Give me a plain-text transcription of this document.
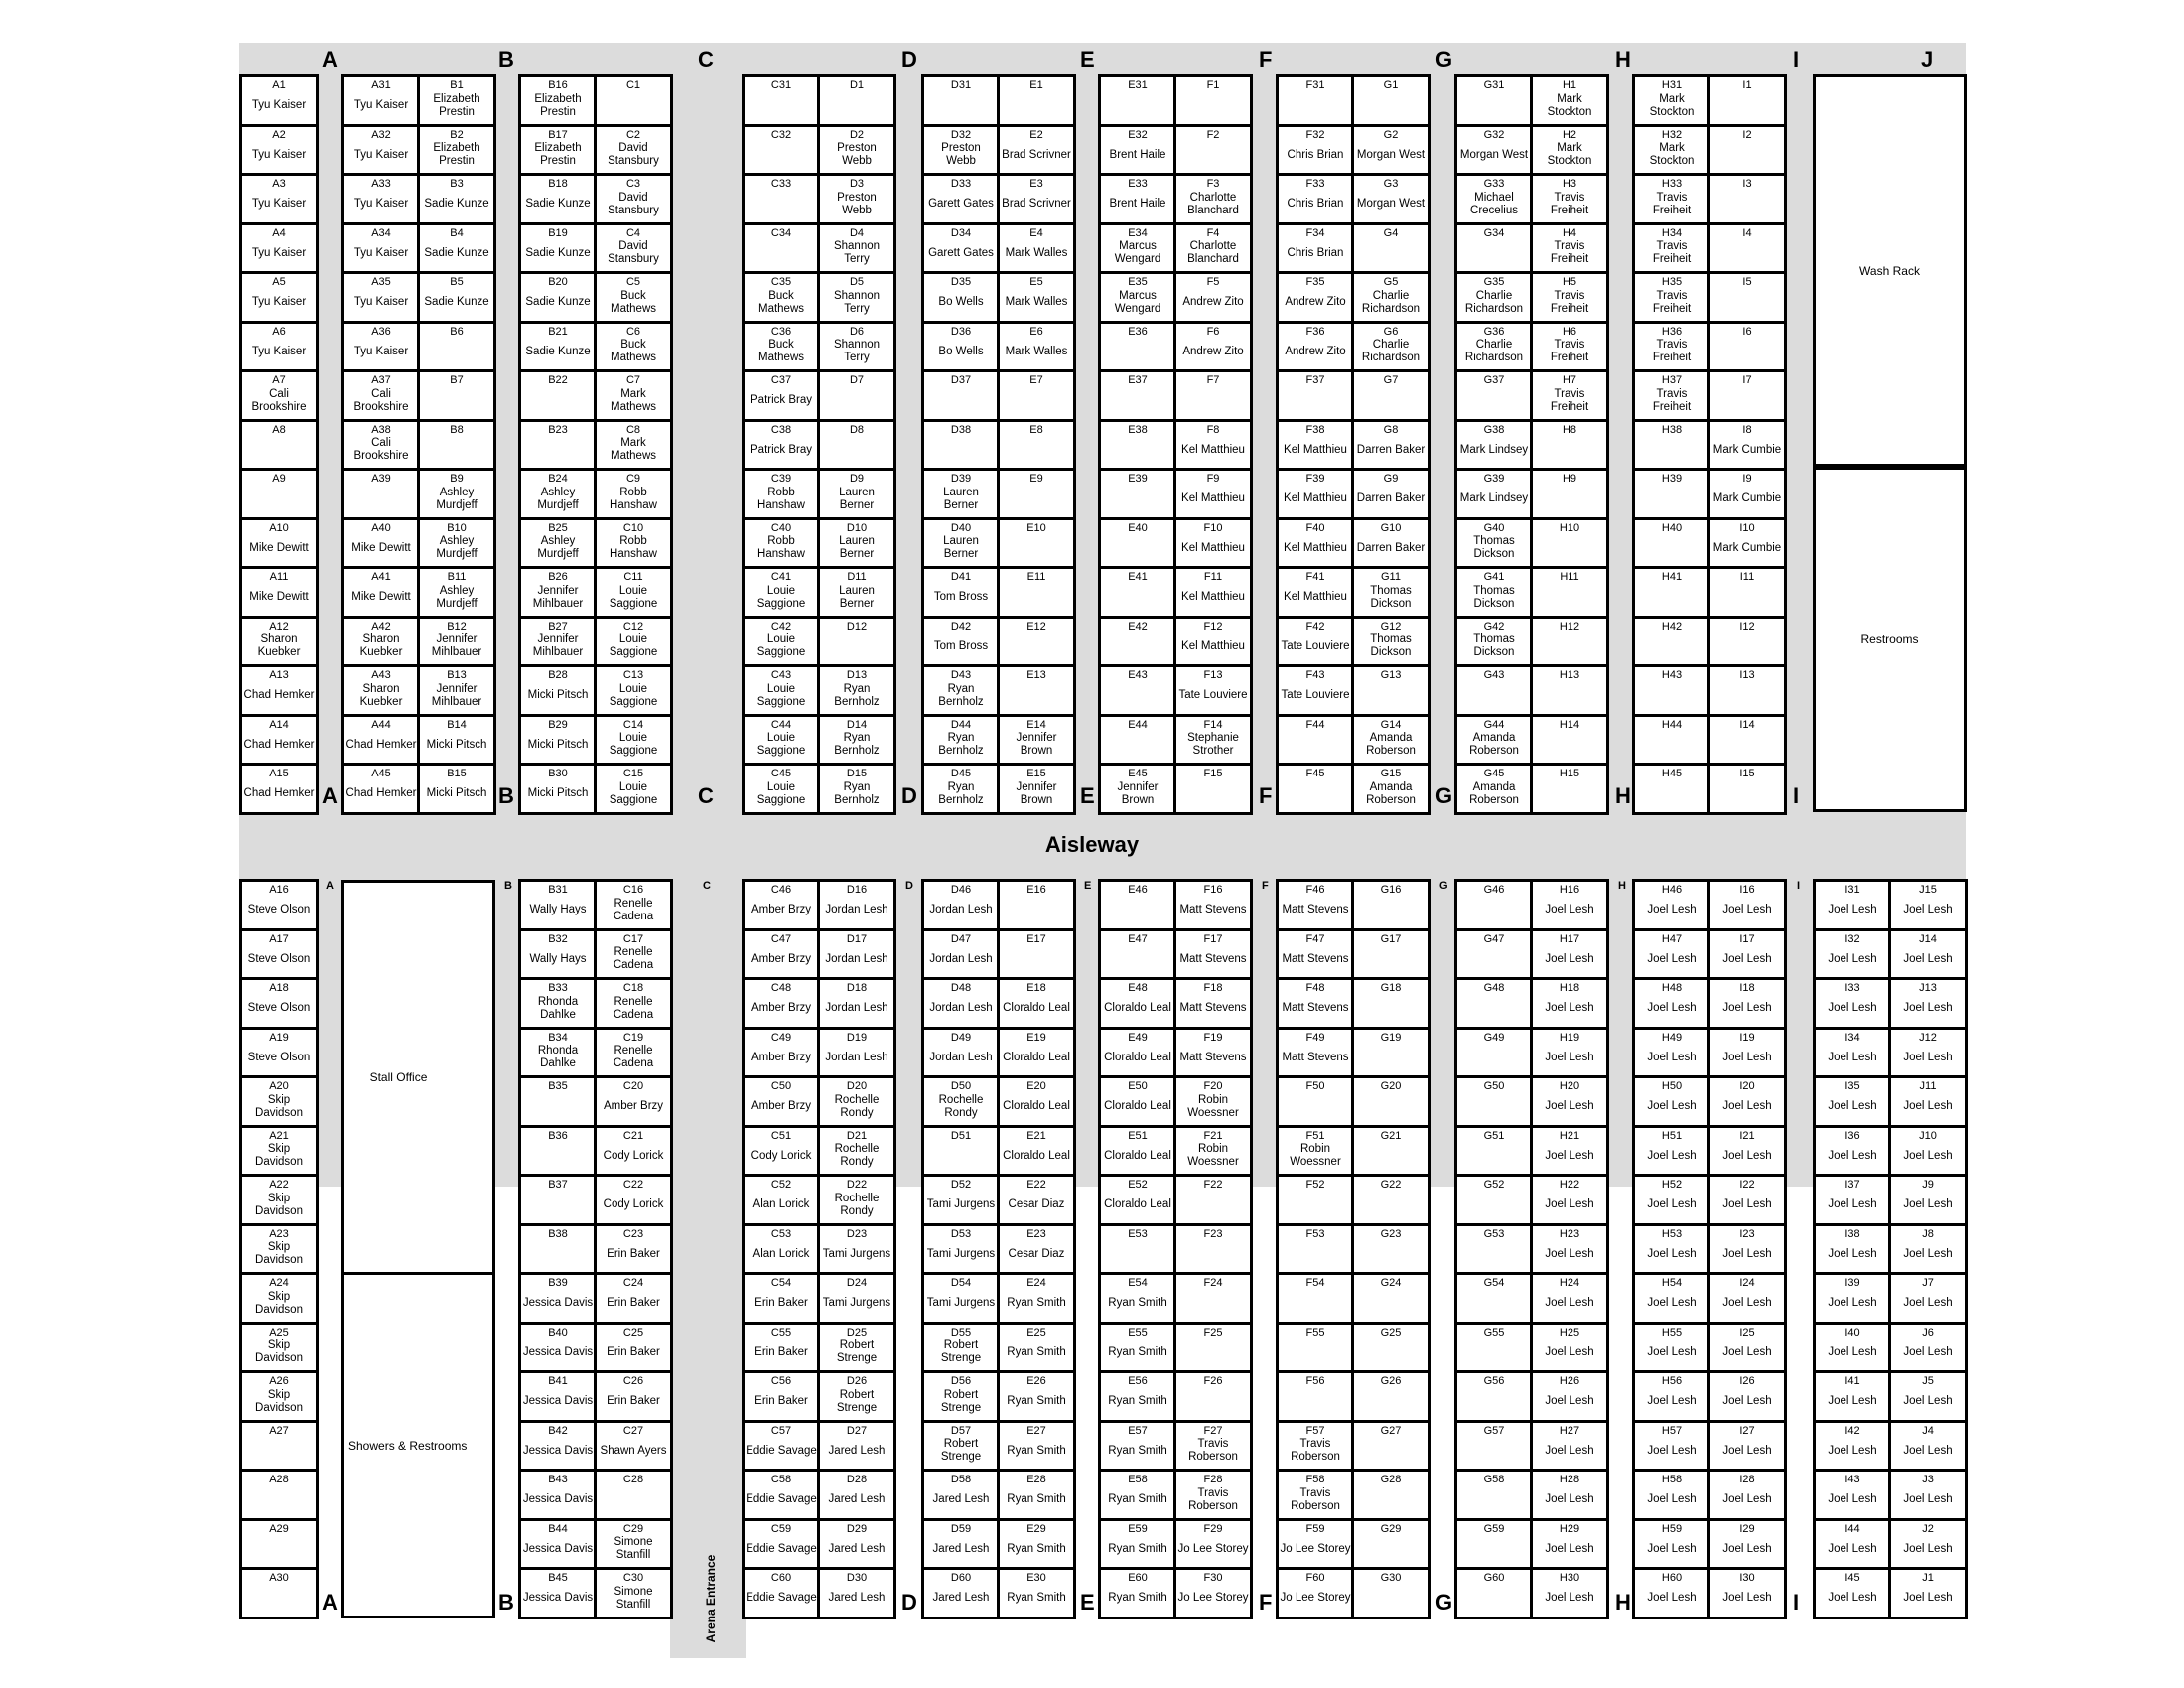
Aisleway
Arena Entrance
Wash Rack
Restrooms
Stall Office
Showers & Restrooms
A1
Tyu Kaiser
A2
Tyu Kaiser
A3
Tyu Kaiser
A4
Tyu Kaiser
A5
Tyu Kaiser
A6
Tyu Kaiser
A7
Cali Brookshire
A8
A9
A10
Mike Dewitt
A11
Mike Dewitt
A12
Sharon Kuebker
A13
Chad Hemker
A14
Chad Hemker
A15
Chad Hemker
A31
Tyu Kaiser
A32
Tyu Kaiser
A33
Tyu Kaiser
A34
Tyu Kaiser
A35
Tyu Kaiser
A36
Tyu Kaiser
A37
Cali Brookshire
A38
Cali Brookshire
A39
A40
Mike Dewitt
A41
Mike Dewitt
A42
Sharon Kuebker
A43
Sharon Kuebker
A44
Chad Hemker
A45
Chad Hemker
B1
Elizabeth Prestin
B2
Elizabeth Prestin
B3
Sadie Kunze
B4
Sadie Kunze
B5
Sadie Kunze
B6
B7
B8
B9
Ashley Murdjeff
B10
Ashley Murdjeff
B11
Ashley Murdjeff
B12
Jennifer Mihlbauer
B13
Jennifer Mihlbauer
B14
Micki Pitsch
B15
Micki Pitsch
B16
Elizabeth Prestin
B17
Elizabeth Prestin
B18
Sadie Kunze
B19
Sadie Kunze
B20
Sadie Kunze
B21
Sadie Kunze
B22
B23
B24
Ashley Murdjeff
B25
Ashley Murdjeff
B26
Jennifer Mihlbauer
B27
Jennifer Mihlbauer
B28
Micki Pitsch
B29
Micki Pitsch
B30
Micki Pitsch
C1
C2
David Stansbury
C3
David Stansbury
C4
David Stansbury
C5
Buck Mathews
C6
Buck Mathews
C7
Mark Mathews
C8
Mark Mathews
C9
Robb Hanshaw
C10
Robb Hanshaw
C11
Louie Saggione
C12
Louie Saggione
C13
Louie Saggione
C14
Louie Saggione
C15
Louie Saggione
C31
C32
C33
C34
C35
Buck Mathews
C36
Buck Mathews
C37
Patrick Bray
C38
Patrick Bray
C39
Robb Hanshaw
C40
Robb Hanshaw
C41
Louie Saggione
C42
Louie Saggione
C43
Louie Saggione
C44
Louie Saggione
C45
Louie Saggione
D1
D2
Preston Webb
D3
Preston Webb
D4
Shannon Terry
D5
Shannon Terry
D6
Shannon Terry
D7
D8
D9
Lauren Berner
D10
Lauren Berner
D11
Lauren Berner
D12
D13
Ryan Bernholz
D14
Ryan Bernholz
D15
Ryan Bernholz
D31
D32
Preston Webb
D33
Garett Gates
D34
Garett Gates
D35
Bo Wells
D36
Bo Wells
D37
D38
D39
Lauren Berner
D40
Lauren Berner
D41
Tom Bross
D42
Tom Bross
D43
Ryan Bernholz
D44
Ryan Bernholz
D45
Ryan Bernholz
E1
E2
Brad Scrivner
E3
Brad Scrivner
E4
Mark Walles
E5
Mark Walles
E6
Mark Walles
E7
E8
E9
E10
E11
E12
E13
E14
Jennifer Brown
E15
Jennifer Brown
E31
E32
Brent Haile
E33
Brent Haile
E34
Marcus Wengard
E35
Marcus Wengard
E36
E37
E38
E39
E40
E41
E42
E43
E44
E45
Jennifer Brown
F1
F2
F3
Charlotte Blanchard
F4
Charlotte Blanchard
F5
Andrew Zito
F6
Andrew Zito
F7
F8
Kel Matthieu
F9
Kel Matthieu
F10
Kel Matthieu
F11
Kel Matthieu
F12
Kel Matthieu
F13
Tate Louviere
F14
Stephanie Strother
F15
F31
F32
Chris Brian
F33
Chris Brian
F34
Chris Brian
F35
Andrew Zito
F36
Andrew Zito
F37
F38
Kel Matthieu
F39
Kel Matthieu
F40
Kel Matthieu
F41
Kel Matthieu
F42
Tate Louviere
F43
Tate Louviere
F44
F45
G1
G2
Morgan West
G3
Morgan West
G4
G5
Charlie Richardson
G6
Charlie Richardson
G7
G8
Darren Baker
G9
Darren Baker
G10
Darren Baker
G11
Thomas Dickson
G12
Thomas Dickson
G13
G14
Amanda Roberson
G15
Amanda Roberson
G31
G32
Morgan West
G33
Michael Crecelius
G34
G35
Charlie Richardson
G36
Charlie Richardson
G37
G38
Mark Lindsey
G39
Mark Lindsey
G40
Thomas Dickson
G41
Thomas Dickson
G42
Thomas Dickson
G43
G44
Amanda Roberson
G45
Amanda Roberson
H1
Mark Stockton
H2
Mark Stockton
H3
Travis Freiheit
H4
Travis Freiheit
H5
Travis Freiheit
H6
Travis Freiheit
H7
Travis Freiheit
H8
H9
H10
H11
H12
H13
H14
H15
H31
Mark Stockton
H32
Mark Stockton
H33
Travis Freiheit
H34
Travis Freiheit
H35
Travis Freiheit
H36
Travis Freiheit
H37
Travis Freiheit
H38
H39
H40
H41
H42
H43
H44
H45
I1
I2
I3
I4
I5
I6
I7
I8
Mark Cumbie
I9
Mark Cumbie
I10
Mark Cumbie
I11
I12
I13
I14
I15
A16
Steve Olson
A17
Steve Olson
A18
Steve Olson
A19
Steve Olson
A20
Skip Davidson
A21
Skip Davidson
A22
Skip Davidson
A23
Skip Davidson
A24
Skip Davidson
A25
Skip Davidson
A26
Skip Davidson
A27
A28
A29
A30
B31
Wally Hays
B32
Wally Hays
B33
Rhonda Dahlke
B34
Rhonda Dahlke
B35
B36
B37
B38
B39
Jessica Davis
B40
Jessica Davis
B41
Jessica Davis
B42
Jessica Davis
B43
Jessica Davis
B44
Jessica Davis
B45
Jessica Davis
C16
Renelle Cadena
C17
Renelle Cadena
C18
Renelle Cadena
C19
Renelle Cadena
C20
Amber Brzy
C21
Cody Lorick
C22
Cody Lorick
C23
Erin Baker
C24
Erin Baker
C25
Erin Baker
C26
Erin Baker
C27
Shawn Ayers
C28
C29
Simone Stanfill
C30
Simone Stanfill
C46
Amber Brzy
C47
Amber Brzy
C48
Amber Brzy
C49
Amber Brzy
C50
Amber Brzy
C51
Cody Lorick
C52
Alan Lorick
C53
Alan Lorick
C54
Erin Baker
C55
Erin Baker
C56
Erin Baker
C57
Eddie Savage
C58
Eddie Savage
C59
Eddie Savage
C60
Eddie Savage
D16
Jordan Lesh
D17
Jordan Lesh
D18
Jordan Lesh
D19
Jordan Lesh
D20
Rochelle Rondy
D21
Rochelle Rondy
D22
Rochelle Rondy
D23
Tami Jurgens
D24
Tami Jurgens
D25
Robert Strenge
D26
Robert Strenge
D27
Jared Lesh
D28
Jared Lesh
D29
Jared Lesh
D30
Jared Lesh
D46
Jordan Lesh
D47
Jordan Lesh
D48
Jordan Lesh
D49
Jordan Lesh
D50
Rochelle Rondy
D51
D52
Tami Jurgens
D53
Tami Jurgens
D54
Tami Jurgens
D55
Robert Strenge
D56
Robert Strenge
D57
Robert Strenge
D58
Jared Lesh
D59
Jared Lesh
D60
Jared Lesh
E16
E17
E18
Cloraldo Leal
E19
Cloraldo Leal
E20
Cloraldo Leal
E21
Cloraldo Leal
E22
Cesar Diaz
E23
Cesar Diaz
E24
Ryan Smith
E25
Ryan Smith
E26
Ryan Smith
E27
Ryan Smith
E28
Ryan Smith
E29
Ryan Smith
E30
Ryan Smith
E46
E47
E48
Cloraldo Leal
E49
Cloraldo Leal
E50
Cloraldo Leal
E51
Cloraldo Leal
E52
Cloraldo Leal
E53
E54
Ryan Smith
E55
Ryan Smith
E56
Ryan Smith
E57
Ryan Smith
E58
Ryan Smith
E59
Ryan Smith
E60
Ryan Smith
F16
Matt Stevens
F17
Matt Stevens
F18
Matt Stevens
F19
Matt Stevens
F20
Robin Woessner
F21
Robin Woessner
F22
F23
F24
F25
F26
F27
Travis Roberson
F28
Travis Roberson
F29
Jo Lee Storey
F30
Jo Lee Storey
F46
Matt Stevens
F47
Matt Stevens
F48
Matt Stevens
F49
Matt Stevens
F50
F51
Robin Woessner
F52
F53
F54
F55
F56
F57
Travis Roberson
F58
Travis Roberson
F59
Jo Lee Storey
F60
Jo Lee Storey
G16
G17
G18
G19
G20
G21
G22
G23
G24
G25
G26
G27
G28
G29
G30
G46
G47
G48
G49
G50
G51
G52
G53
G54
G55
G56
G57
G58
G59
G60
H16
Joel Lesh
H17
Joel Lesh
H18
Joel Lesh
H19
Joel Lesh
H20
Joel Lesh
H21
Joel Lesh
H22
Joel Lesh
H23
Joel Lesh
H24
Joel Lesh
H25
Joel Lesh
H26
Joel Lesh
H27
Joel Lesh
H28
Joel Lesh
H29
Joel Lesh
H30
Joel Lesh
H46
Joel Lesh
H47
Joel Lesh
H48
Joel Lesh
H49
Joel Lesh
H50
Joel Lesh
H51
Joel Lesh
H52
Joel Lesh
H53
Joel Lesh
H54
Joel Lesh
H55
Joel Lesh
H56
Joel Lesh
H57
Joel Lesh
H58
Joel Lesh
H59
Joel Lesh
H60
Joel Lesh
I16
Joel Lesh
I17
Joel Lesh
I18
Joel Lesh
I19
Joel Lesh
I20
Joel Lesh
I21
Joel Lesh
I22
Joel Lesh
I23
Joel Lesh
I24
Joel Lesh
I25
Joel Lesh
I26
Joel Lesh
I27
Joel Lesh
I28
Joel Lesh
I29
Joel Lesh
I30
Joel Lesh
I31
Joel Lesh
I32
Joel Lesh
I33
Joel Lesh
I34
Joel Lesh
I35
Joel Lesh
I36
Joel Lesh
I37
Joel Lesh
I38
Joel Lesh
I39
Joel Lesh
I40
Joel Lesh
I41
Joel Lesh
I42
Joel Lesh
I43
Joel Lesh
I44
Joel Lesh
I45
Joel Lesh
J15
Joel Lesh
J14
Joel Lesh
J13
Joel Lesh
J12
Joel Lesh
J11
Joel Lesh
J10
Joel Lesh
J9
Joel Lesh
J8
Joel Lesh
J7
Joel Lesh
J6
Joel Lesh
J5
Joel Lesh
J4
Joel Lesh
J3
Joel Lesh
J2
Joel Lesh
J1
Joel Lesh
A	B	C	D	E	F	G	H	I	J
A	B	C	D	E	F	G	H	I
A	B	C	D	E	F	G	H	I
A	B	D	E	F	G	H	I
